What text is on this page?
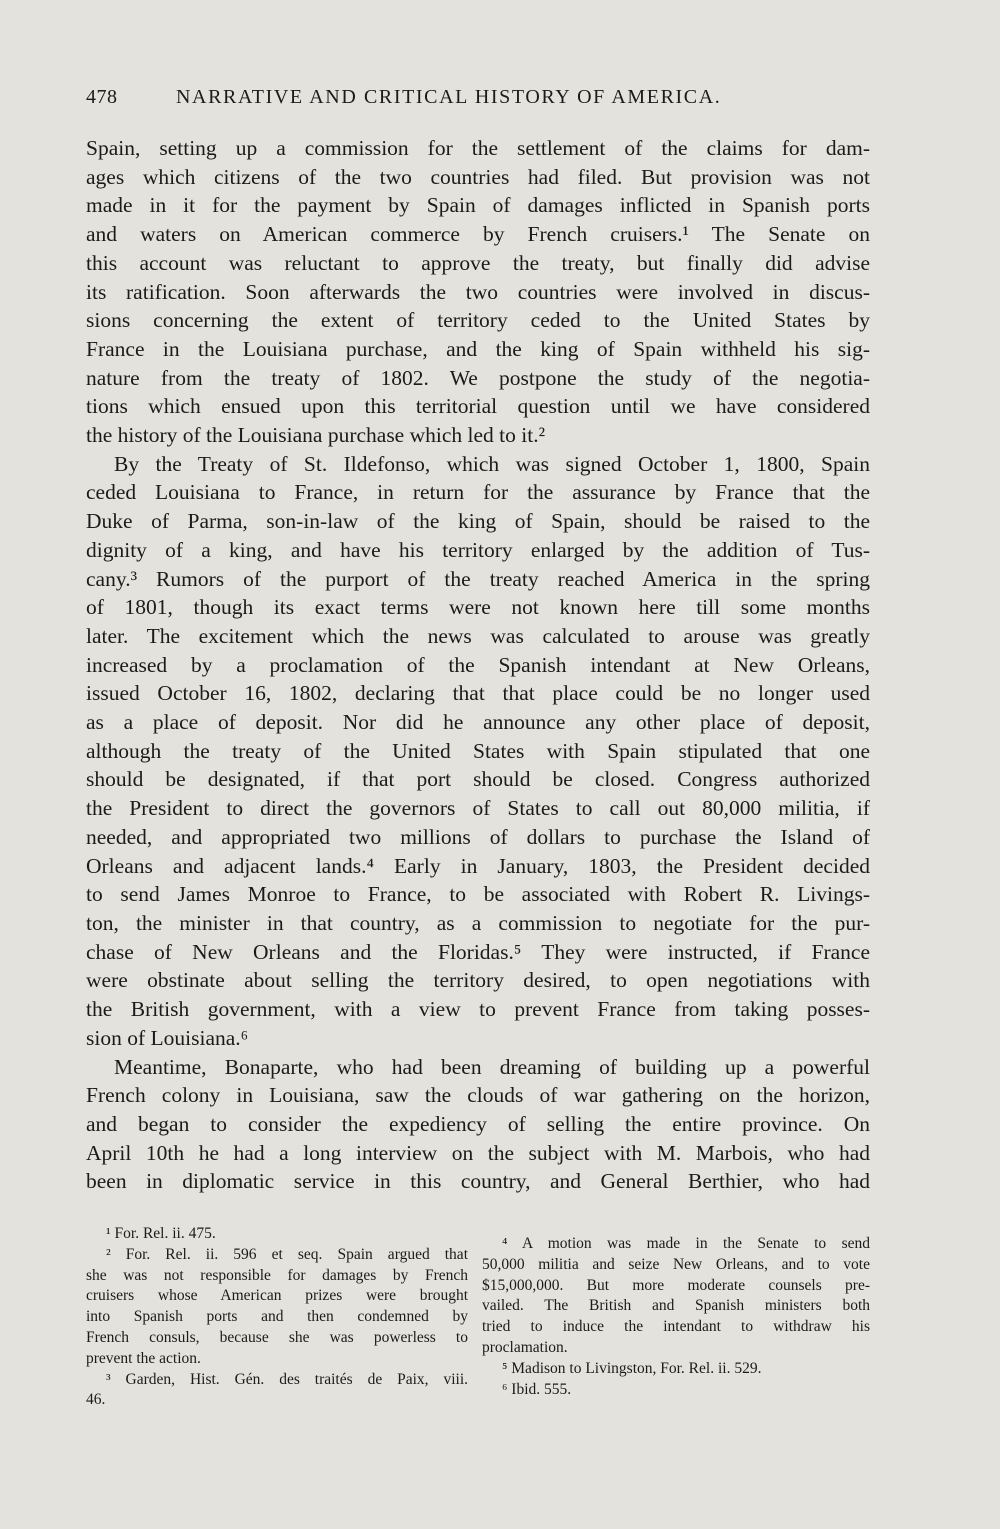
478	NARRATIVE AND CRITICAL HISTORY OF AMERICA.

Spain, setting up a commission for the settlement of the claims for dam-

ages which citizens of the two countries had filed. But provision was not

made in it for the payment by Spain of damages inflicted in Spanish ports

and waters on American commerce by French cruisers.¹ The Senate on

this account was reluctant to approve the treaty, but finally did advise

its ratification. Soon afterwards the two countries were involved in discus-

sions concerning the extent of territory ceded to the United States by

France in the Louisiana purchase, and the king of Spain withheld his sig-

nature from the treaty of 1802. We postpone the study of the negotia-

tions which ensued upon this territorial question until we have considered

the history of the Louisiana purchase which led to it.²

By the Treaty of St. Ildefonso, which was signed October 1, 1800, Spain

ceded Louisiana to France, in return for the assurance by France that the

Duke of Parma, son-in-law of the king of Spain, should be raised to the

dignity of a king, and have his territory enlarged by the addition of Tus-

cany.³ Rumors of the purport of the treaty reached America in the spring

of 1801, though its exact terms were not known here till some months

later. The excitement which the news was calculated to arouse was greatly

increased by a proclamation of the Spanish intendant at New Orleans,

issued October 16, 1802, declaring that that place could be no longer used

as a place of deposit. Nor did he announce any other place of deposit,

although the treaty of the United States with Spain stipulated that one

should be designated, if that port should be closed. Congress authorized

the President to direct the governors of States to call out 80,000 militia, if

needed, and appropriated two millions of dollars to purchase the Island of

Orleans and adjacent lands.⁴ Early in January, 1803, the President decided

to send James Monroe to France, to be associated with Robert R. Livings-

ton, the minister in that country, as a commission to negotiate for the pur-

chase of New Orleans and the Floridas.⁵ They were instructed, if France

were obstinate about selling the territory desired, to open negotiations with

the British government, with a view to prevent France from taking posses-

sion of Louisiana.⁶

Meantime, Bonaparte, who had been dreaming of building up a powerful

French colony in Louisiana, saw the clouds of war gathering on the horizon,

and began to consider the expediency of selling the entire province. On

April 10th he had a long interview on the subject with M. Marbois, who had

been in diplomatic service in this country, and General Berthier, who had

¹ For. Rel. ii. 475.

² For. Rel. ii. 596 et seq. Spain argued that

she was not responsible for damages by French

cruisers whose American prizes were brought

into Spanish ports and then condemned by

French consuls, because she was powerless to

prevent the action.

³ Garden, Hist. Gén. des traités de Paix, viii.

46.

⁴ A motion was made in the Senate to send

50,000 militia and seize New Orleans, and to vote

$15,000,000. But more moderate counsels pre-

vailed. The British and Spanish ministers both

tried to induce the intendant to withdraw his

proclamation.

⁵ Madison to Livingston, For. Rel. ii. 529.

⁶ Ibid. 555.
